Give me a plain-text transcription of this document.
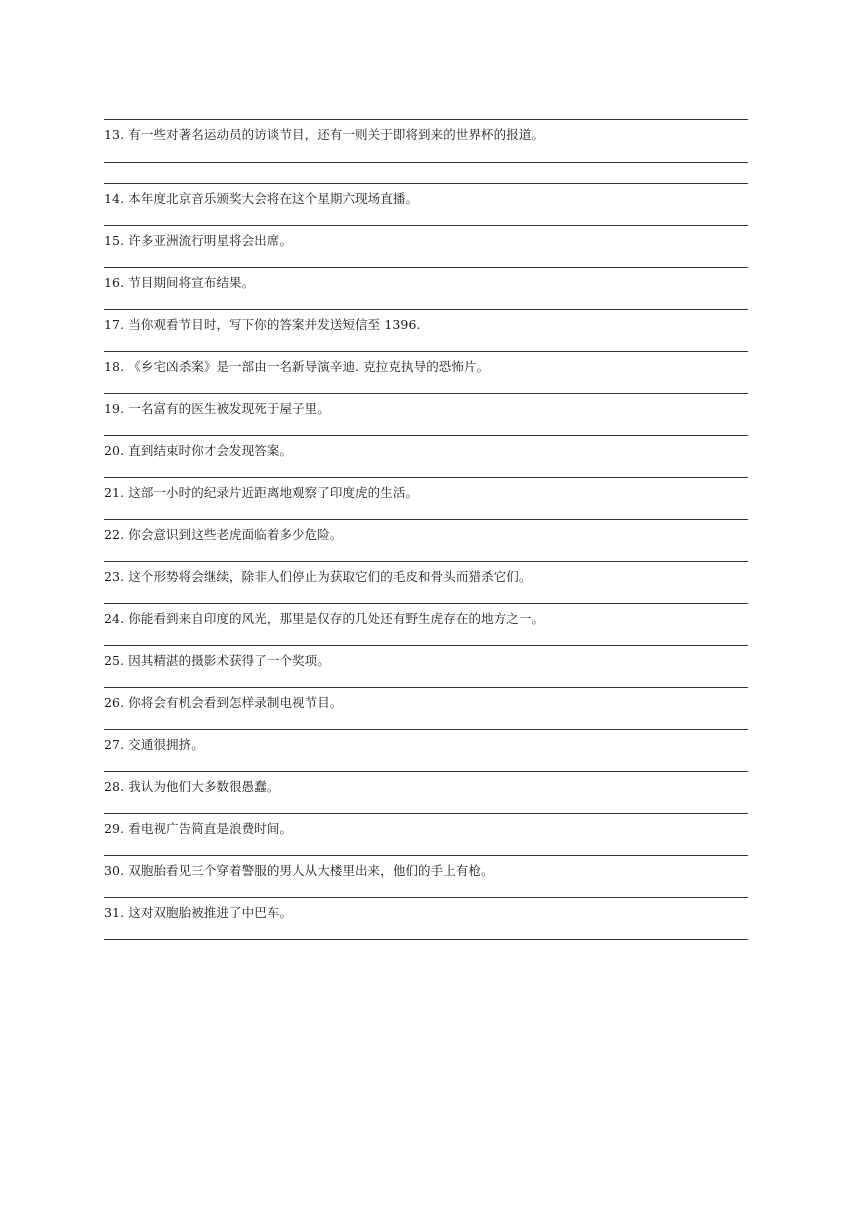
13. 有一些对著名运动员的访谈节目，还有一则关于即将到来的世界杯的报道。
14. 本年度北京音乐颁奖大会将在这个星期六现场直播。
15. 许多亚洲流行明星将会出席。
16. 节目期间将宣布结果。
17. 当你观看节目时，写下你的答案并发送短信至 1396.
18. 《乡宅凶杀案》是一部由一名新导演辛迪. 克拉克执导的恐怖片。
19. 一名富有的医生被发现死于屋子里。
20. 直到结束时你才会发现答案。
21. 这部一小时的纪录片近距离地观察了印度虎的生活。
22. 你会意识到这些老虎面临着多少危险。
23. 这个形势将会继续，除非人们停止为获取它们的毛皮和骨头而猎杀它们。
24. 你能看到来自印度的风光，那里是仅存的几处还有野生虎存在的地方之一。
25. 因其精湛的摄影术获得了一个奖项。
26. 你将会有机会看到怎样录制电视节目。
27. 交通很拥挤。
28. 我认为他们大多数很愚蠢。
29. 看电视广告简直是浪费时间。
30. 双胞胎看见三个穿着警服的男人从大楼里出来，他们的手上有枪。
31. 这对双胞胎被推进了中巴车。
